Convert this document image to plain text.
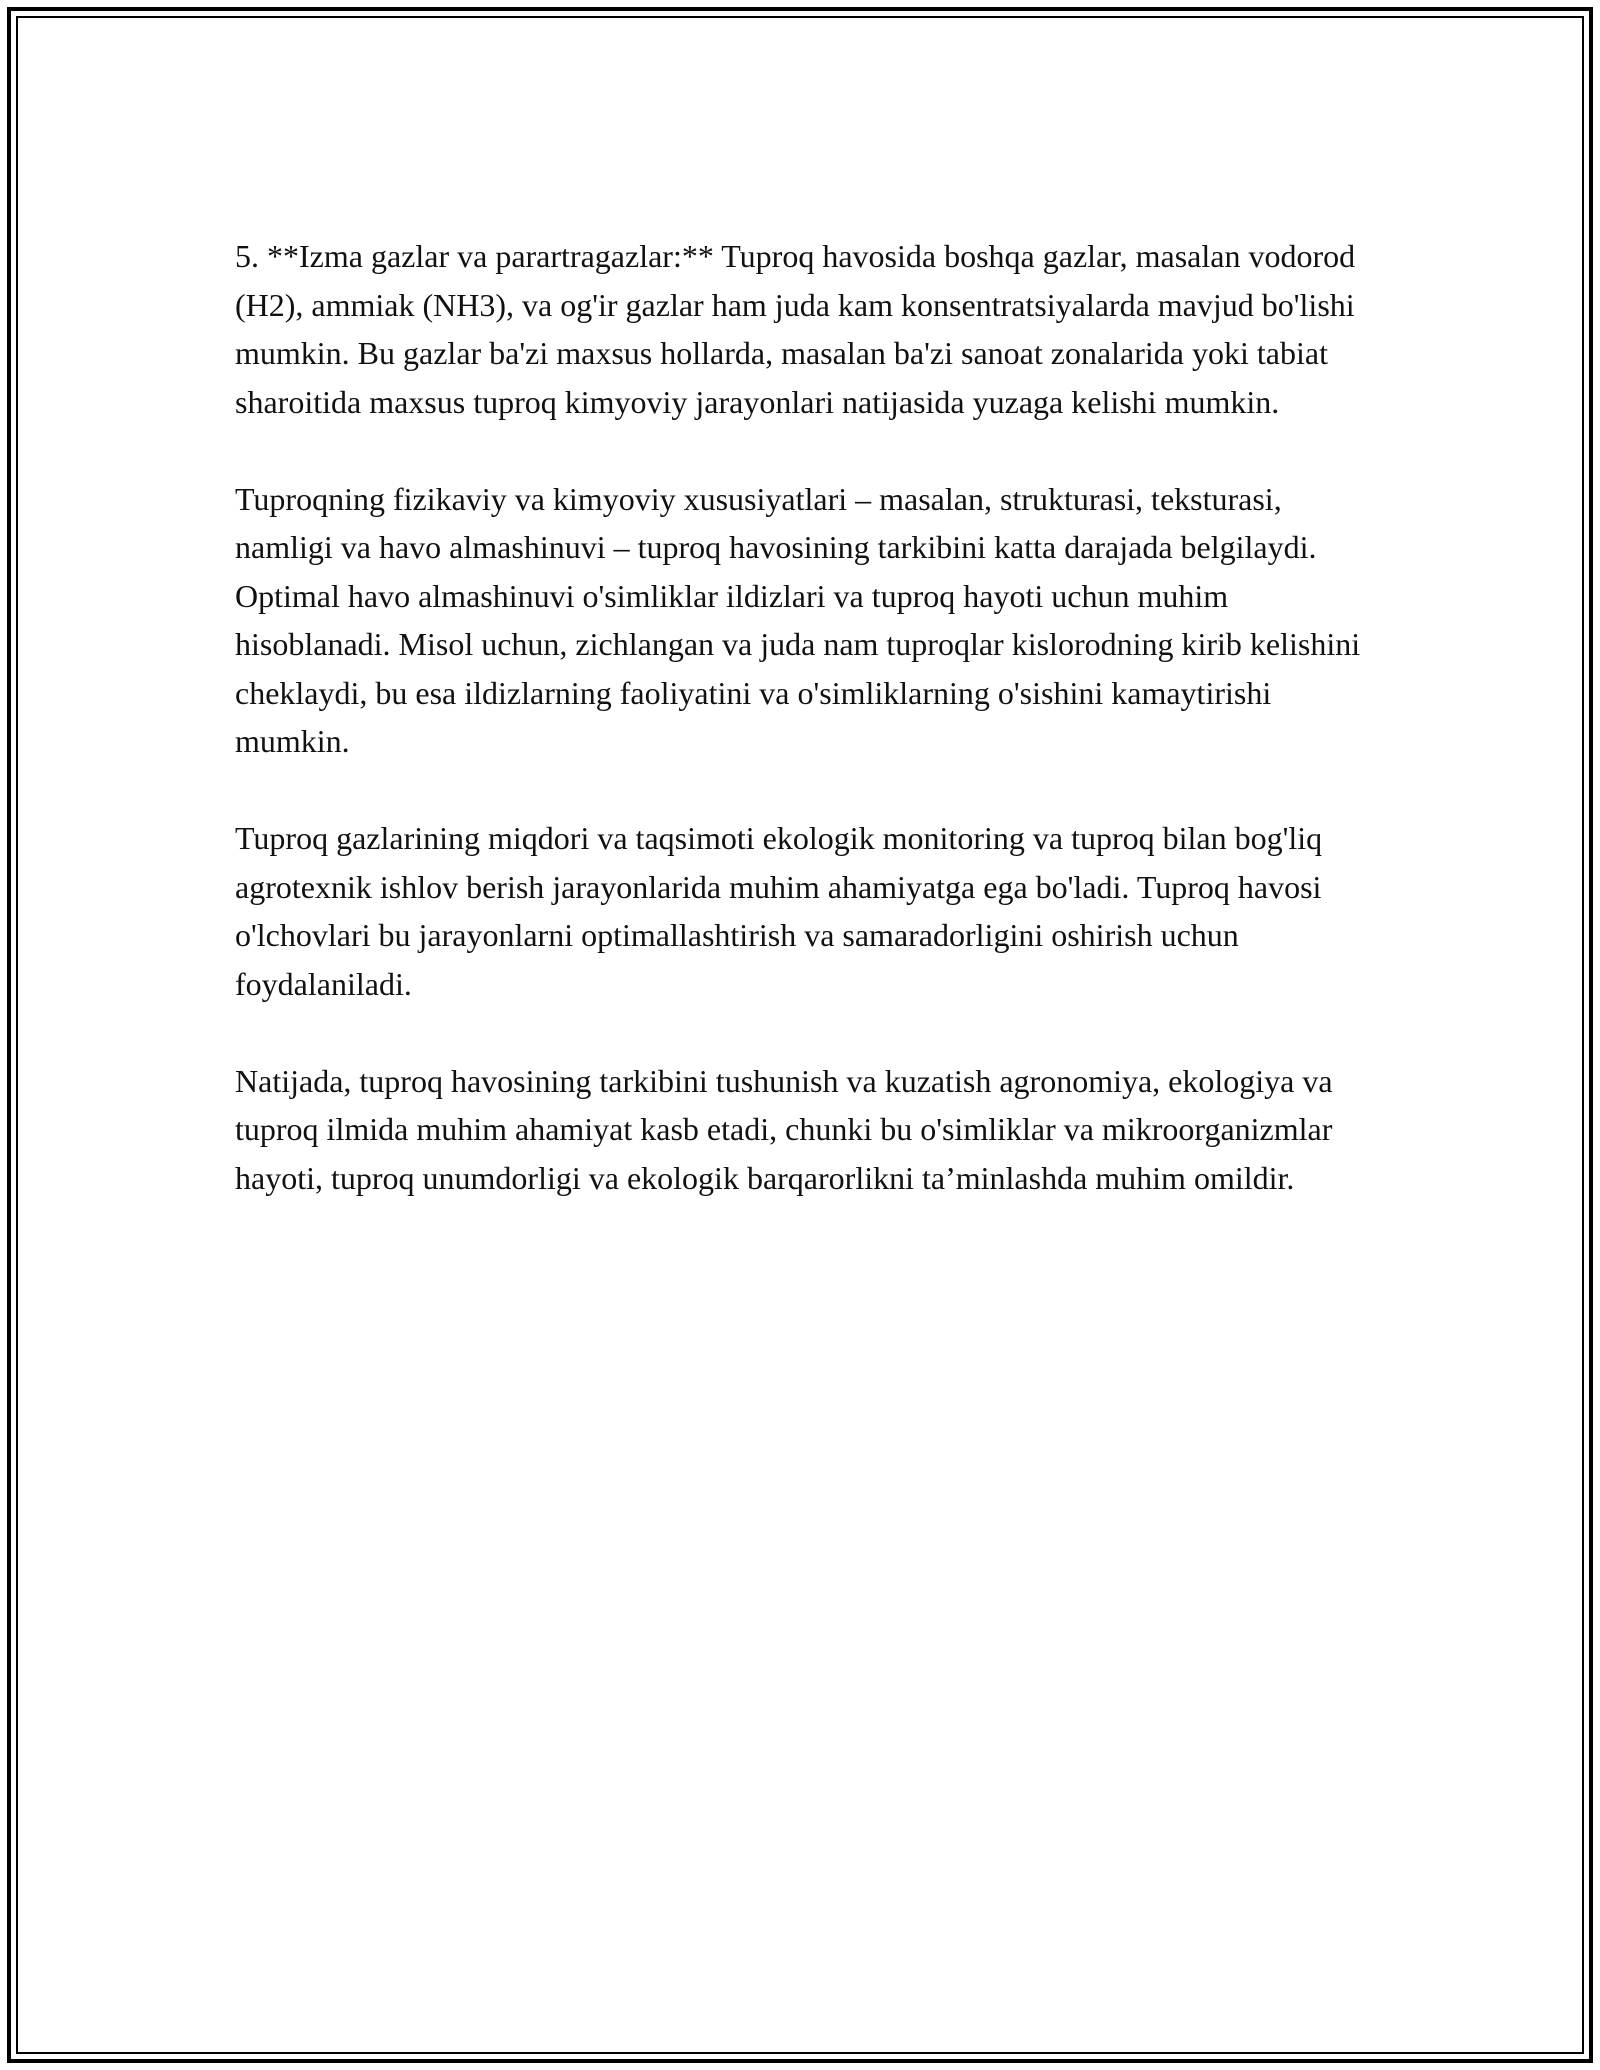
5. **Izma gazlar va parartragazlar:** Tuproq havosida boshqa gazlar, masalan vodorod (H2), ammiak (NH3), va og'ir gazlar ham juda kam konsentratsiyalarda mavjud bo'lishi mumkin. Bu gazlar ba'zi maxsus hollarda, masalan ba'zi sanoat zonalarida yoki tabiat sharoitida maxsus tuproq kimyoviy jarayonlari natijasida yuzaga kelishi mumkin.

Tuproqning fizikaviy va kimyoviy xususiyatlari – masalan, strukturasi, teksturasi, namligi va havo almashinuvi – tuproq havosining tarkibini katta darajada belgilaydi. Optimal havo almashinuvi o'simliklar ildizlari va tuproq hayoti uchun muhim hisoblanadi. Misol uchun, zichlangan va juda nam tuproqlar kislorodning kirib kelishini cheklaydi, bu esa ildizlarning faoliyatini va o'simliklarning o'sishini kamaytirishi mumkin.

Tuproq gazlarining miqdori va taqsimoti ekologik monitoring va tuproq bilan bog'liq agrotexnik ishlov berish jarayonlarida muhim ahamiyatga ega bo'ladi. Tuproq havosi o'lchovlari bu jarayonlarni optimallashtirish va samaradorligini oshirish uchun foydalaniladi.

Natijada, tuproq havosining tarkibini tushunish va kuzatish agronomiya, ekologiya va tuproq ilmida muhim ahamiyat kasb etadi, chunki bu o'simliklar va mikroorganizmlar hayoti, tuproq unumdorligi va ekologik barqarorlikni ta’minlashda muhim omildir.
